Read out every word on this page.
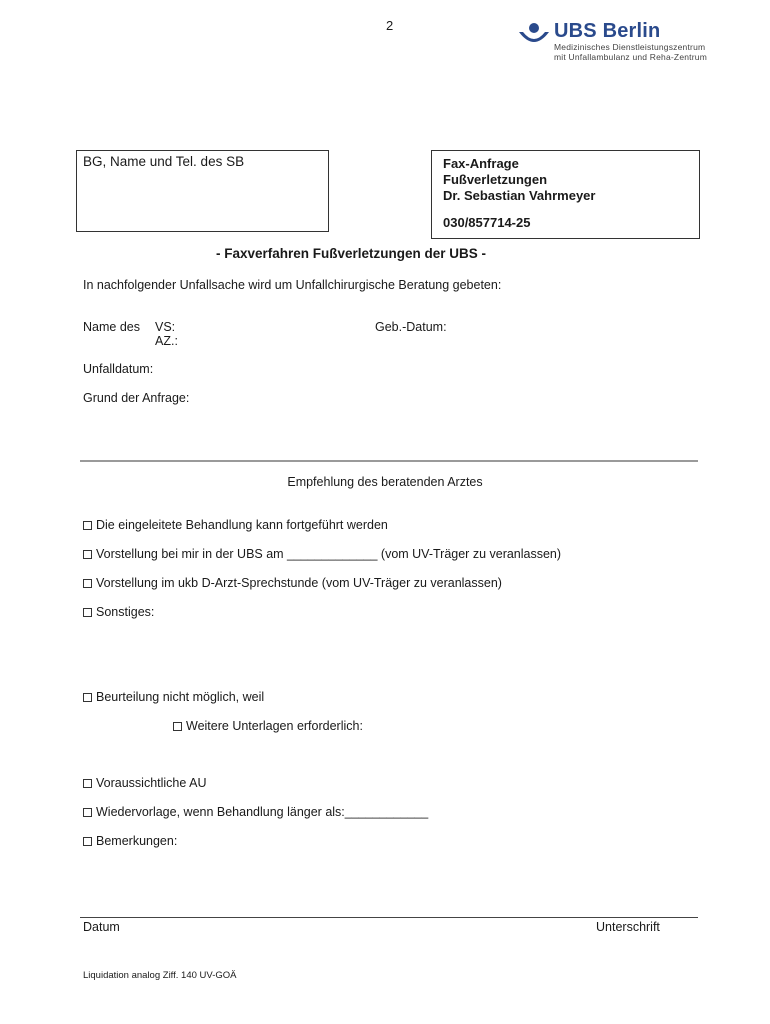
2	UBS Berlin
Medizinisches Dienstleistungszentrum
mit Unfallambulanz und Reha-Zentrum
BG, Name und Tel. des SB	Fax-Anfrage
Fußverletzungen
Dr. Sebastian Vahrmeyer
030/857714-25
- Faxverfahren Fußverletzungen der UBS -
In nachfolgender Unfallsache wird um Unfallchirurgische Beratung gebeten:
Name des VS:
AZ.:
Geb.-Datum:
Unfalldatum:
Grund der Anfrage:
Empfehlung des beratenden Arztes
Die eingeleitete Behandlung kann fortgeführt werden
Vorstellung bei mir in der UBS am _____________ (vom UV-Träger zu veranlassen)
Vorstellung im ukb D-Arzt-Sprechstunde (vom UV-Träger zu veranlassen)
Sonstiges:
Beurteilung nicht möglich, weil
Weitere Unterlagen erforderlich:
Voraussichtliche AU
Wiedervorlage, wenn Behandlung länger als:____________
Bemerkungen:
Datum	Unterschrift
Liquidation analog Ziff. 140 UV-GOÄ
